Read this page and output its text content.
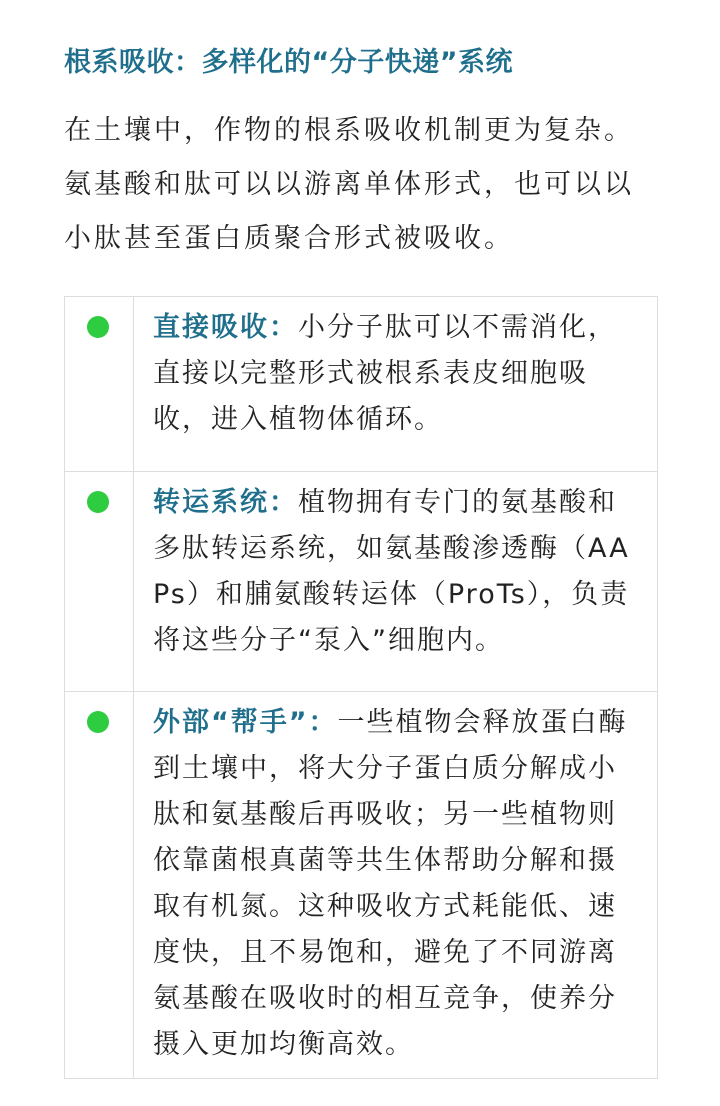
根系吸收：多样化的“分子快递”系统
在土壤中，作物的根系吸收机制更为复杂。
氨基酸和肽可以以游离单体形式，也可以以
小肽甚至蛋白质聚合形式被吸收。
直接吸收：小分子肽可以不需消化，
直接以完整形式被根系表皮细胞吸
收，进入植物体循环。
转运系统：植物拥有专门的氨基酸和
多肽转运系统，如氨基酸渗透酶（AA
Ps）和脯氨酸转运体（ProTs），负责
将这些分子“泵入”细胞内。
外部“帮手”：一些植物会释放蛋白酶
到土壤中，将大分子蛋白质分解成小
肽和氨基酸后再吸收；另一些植物则
依靠菌根真菌等共生体帮助分解和摄
取有机氮。这种吸收方式耗能低、速
度快，且不易饱和，避免了不同游离
氨基酸在吸收时的相互竞争，使养分
摄入更加均衡高效。
